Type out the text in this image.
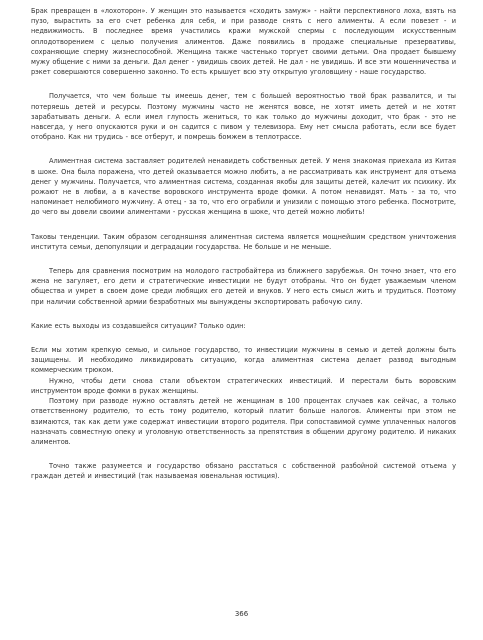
Брак превращен в «лохоторон». У женщин это называется «сходить замуж» - найти перспективного лоха, взять на пузо, вырастить за его счет ребенка для себя, и при разводе снять с него алименты. А если повезет - и недвижимость. В последнее время участились кражи мужской спермы с последующим искусственным оплодотворением с целью получения алиментов. Даже появились в продаже специальные презервативы, сохраняющие сперму жизнеспособной. Женщина также частенько торгует своими детьми. Она продает бывшему мужу общение с ними за деньги. Дал денег - увидишь своих детей. Не дал - не увидишь. И все эти мошенничества и рэкет совершаются совершенно законно. То есть крышует всю эту открытую уголовщину - наше государство.

Получается, что чем больше ты имеешь денег, тем с большей вероятностью твой брак развалится, и ты потеряешь детей и ресурсы. Поэтому мужчины часто не женятся вовсе, не хотят иметь детей и не хотят зарабатывать деньги. А если имел глупость жениться, то как только до мужчины доходит, что брак - это не навсегда, у него опускаются руки и он садится с пивом у телевизора. Ему нет смысла работать, если все будет отобрано. Как ни трудись - все отберут, и помрешь бомжем в теплотрассе.

Алиментная система заставляет родителей ненавидеть собственных детей. У меня знакомая приехала из Китая в шоке. Она была поражена, что детей оказывается можно любить, а не рассматривать как инструмент для отъема денег у мужчины. Получается, что алиментная система, созданная якобы для защиты детей, калечит их психику. Их рожают не в любви, а в качестве воровского инструмента вроде фомки. А потом ненавидят. Мать - за то, что напоминает нелюбимого мужчину. А отец - за то, что его ограбили и унизили с помощью этого ребенка. Посмотрите, до чего вы довели своими алиментами - русская женщина в шоке, что детей можно любить!

Таковы тенденции. Таким образом сегодняшняя алиментная система является мощнейшим средством уничтожения института семьи, депопуляции и деградации государства. Не больше и не меньше.

Теперь для сравнения посмотрим на молодого гастробайтера из ближнего зарубежья. Он точно знает, что его жена не загуляет, его дети и стратегические инвестиции не будут отобраны. Что он будет уважаемым членом общества и умрет в своем доме среди любящих его детей и внуков. У него есть смысл жить и трудиться. Поэтому при наличии собственной армии безработных мы вынуждены экспортировать рабочую силу.

Какие есть выходы из создавшейся ситуации? Только один:

Если мы хотим крепкую семью, и сильное государство, то инвестиции мужчины в семью и детей должны быть защищены. И необходимо ликвидировать ситуацию, когда алиментная система делает развод выгодным коммерческим трюком.

Нужно, чтобы дети снова стали объектом стратегических инвестиций. И перестали быть воровским инструментом вроде фомки в руках женщины.

Поэтому при разводе нужно оставлять детей не женщинам в 100 процентах случаев как сейчас, а только ответственному родителю, то есть тому родителю, который платит больше налогов. Алименты при этом не взимаются, так как дети уже содержат инвестиции второго родителя. При сопоставимой сумме уплаченных налогов назначать совместную опеку и уголовную ответственность за препятствия в общении другому родителю. И никаких алиментов.

Точно также разумеется и государство обязано расстаться с собственной разбойной системой отъема у граждан детей и инвестиций (так называемая ювенальная юстиция).

366
